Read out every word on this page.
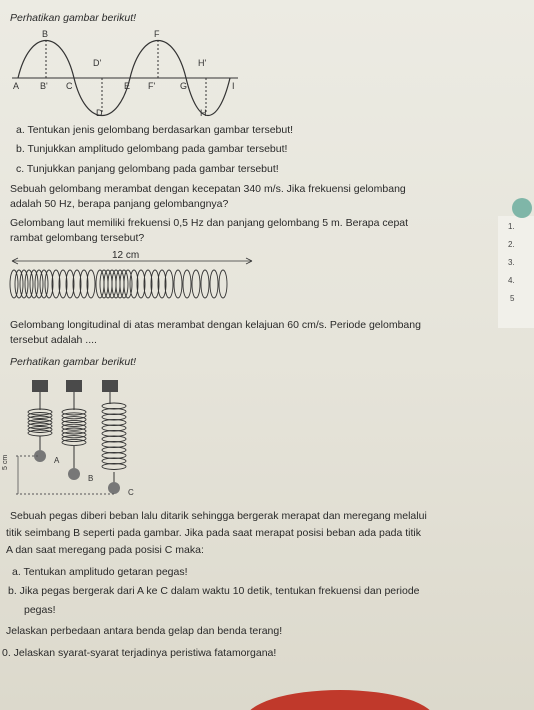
Perhatikan gambar berikut!
B	F
D'	H'
A B' C	E F'	G	I
D	H
a. Tentukan jenis gelombang berdasarkan gambar tersebut!
b. Tunjukkan amplitudo gelombang pada gambar tersebut!
c. Tunjukkan panjang gelombang pada gambar tersebut!
Sebuah gelombang merambat dengan kecepatan 340 m/s. Jika frekuensi gelombang
adalah 50 Hz, berapa panjang gelombangnya?
Gelombang laut memiliki frekuensi 0,5 Hz dan panjang gelombang 5 m. Berapa cepat
rambat gelombang tersebut?
1.
2.
3.
4.
5
12 cm
Gelombang longitudinal di atas merambat dengan kelajuan 60 cm/s. Periode gelombang
tersebut adalah ....
Perhatikan gambar berikut!
A
B
C
5 cm
Sebuah pegas diberi beban lalu ditarik sehingga bergerak merapat dan meregang melalui
titik seimbang B seperti pada gambar. Jika pada saat merapat posisi beban ada pada titik
A dan saat meregang pada posisi C maka:
a. Tentukan amplitudo getaran pegas!
b. Jika pegas bergerak dari A ke C dalam waktu 10 detik, tentukan frekuensi dan periode
pegas!
Jelaskan perbedaan antara benda gelap dan benda terang!
0. Jelaskan syarat-syarat terjadinya peristiwa fatamorgana!
